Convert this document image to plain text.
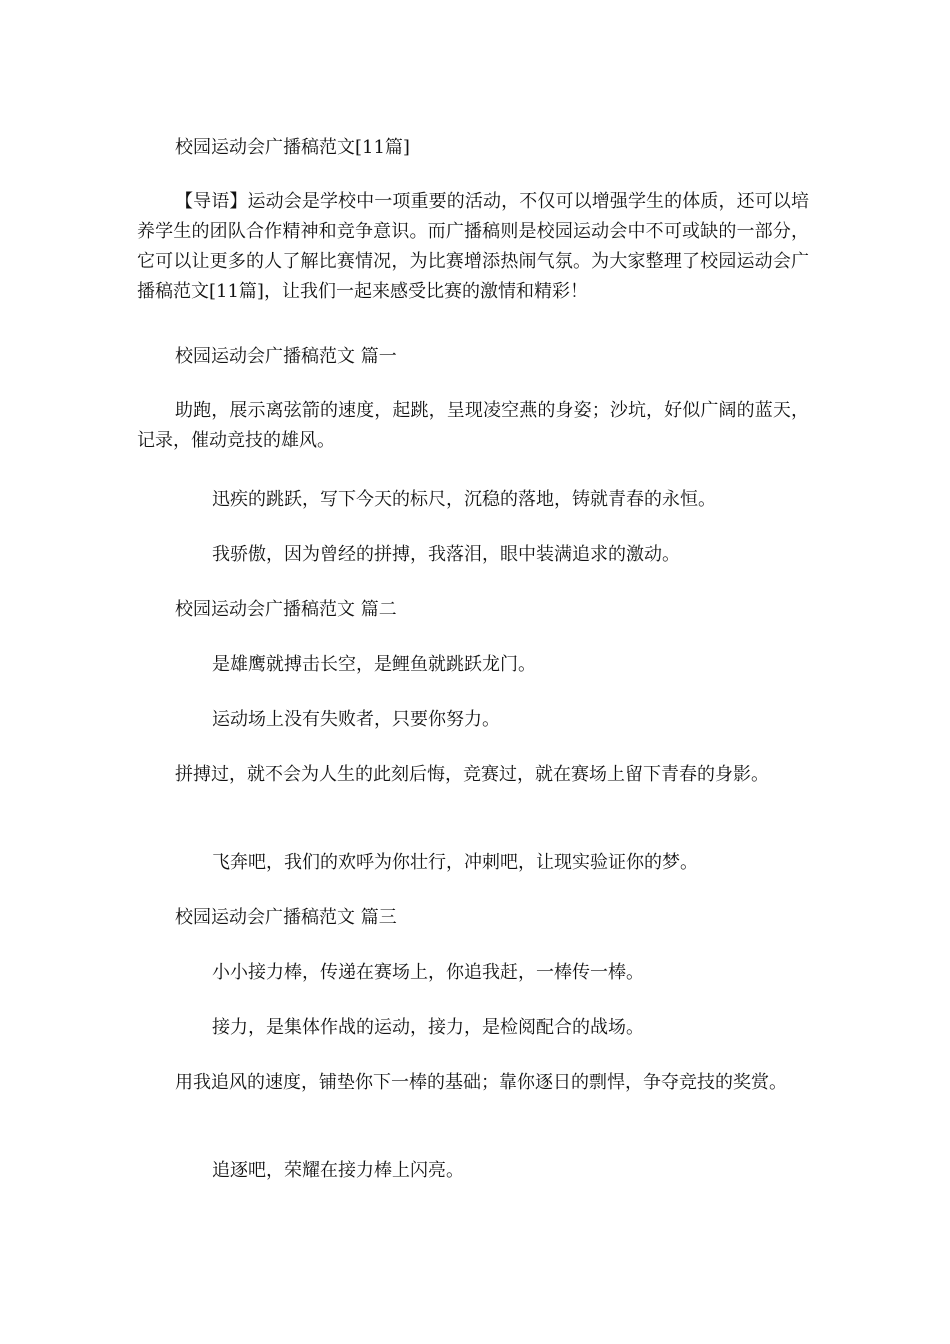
校园运动会广播稿范文[11篇]

【导语】运动会是学校中一项重要的活动，不仅可以增强学生的体质，还可以培养学生的团队合作精神和竞争意识。而广播稿则是校园运动会中不可或缺的一部分，它可以让更多的人了解比赛情况，为比赛增添热闹气氛。为大家整理了校园运动会广播稿范文[11篇]，让我们一起来感受比赛的激情和精彩！

校园运动会广播稿范文 篇一

助跑，展示离弦箭的速度，起跳，呈现凌空燕的身姿；沙坑，好似广阔的蓝天，记录，催动竞技的雄风。

迅疾的跳跃，写下今天的标尺，沉稳的落地，铸就青春的永恒。

我骄傲，因为曾经的拼搏，我落泪，眼中装满追求的激动。

校园运动会广播稿范文 篇二

是雄鹰就搏击长空，是鲤鱼就跳跃龙门。

运动场上没有失败者，只要你努力。

拼搏过，就不会为人生的此刻后悔，竞赛过，就在赛场上留下青春的身影。

飞奔吧，我们的欢呼为你壮行，冲刺吧，让现实验证你的梦。

校园运动会广播稿范文 篇三

小小接力棒，传递在赛场上，你追我赶，一棒传一棒。

接力，是集体作战的运动，接力，是检阅配合的战场。

用我追风的速度，铺垫你下一棒的基础；靠你逐日的剽悍，争夺竞技的奖赏。

追逐吧，荣耀在接力棒上闪亮。
